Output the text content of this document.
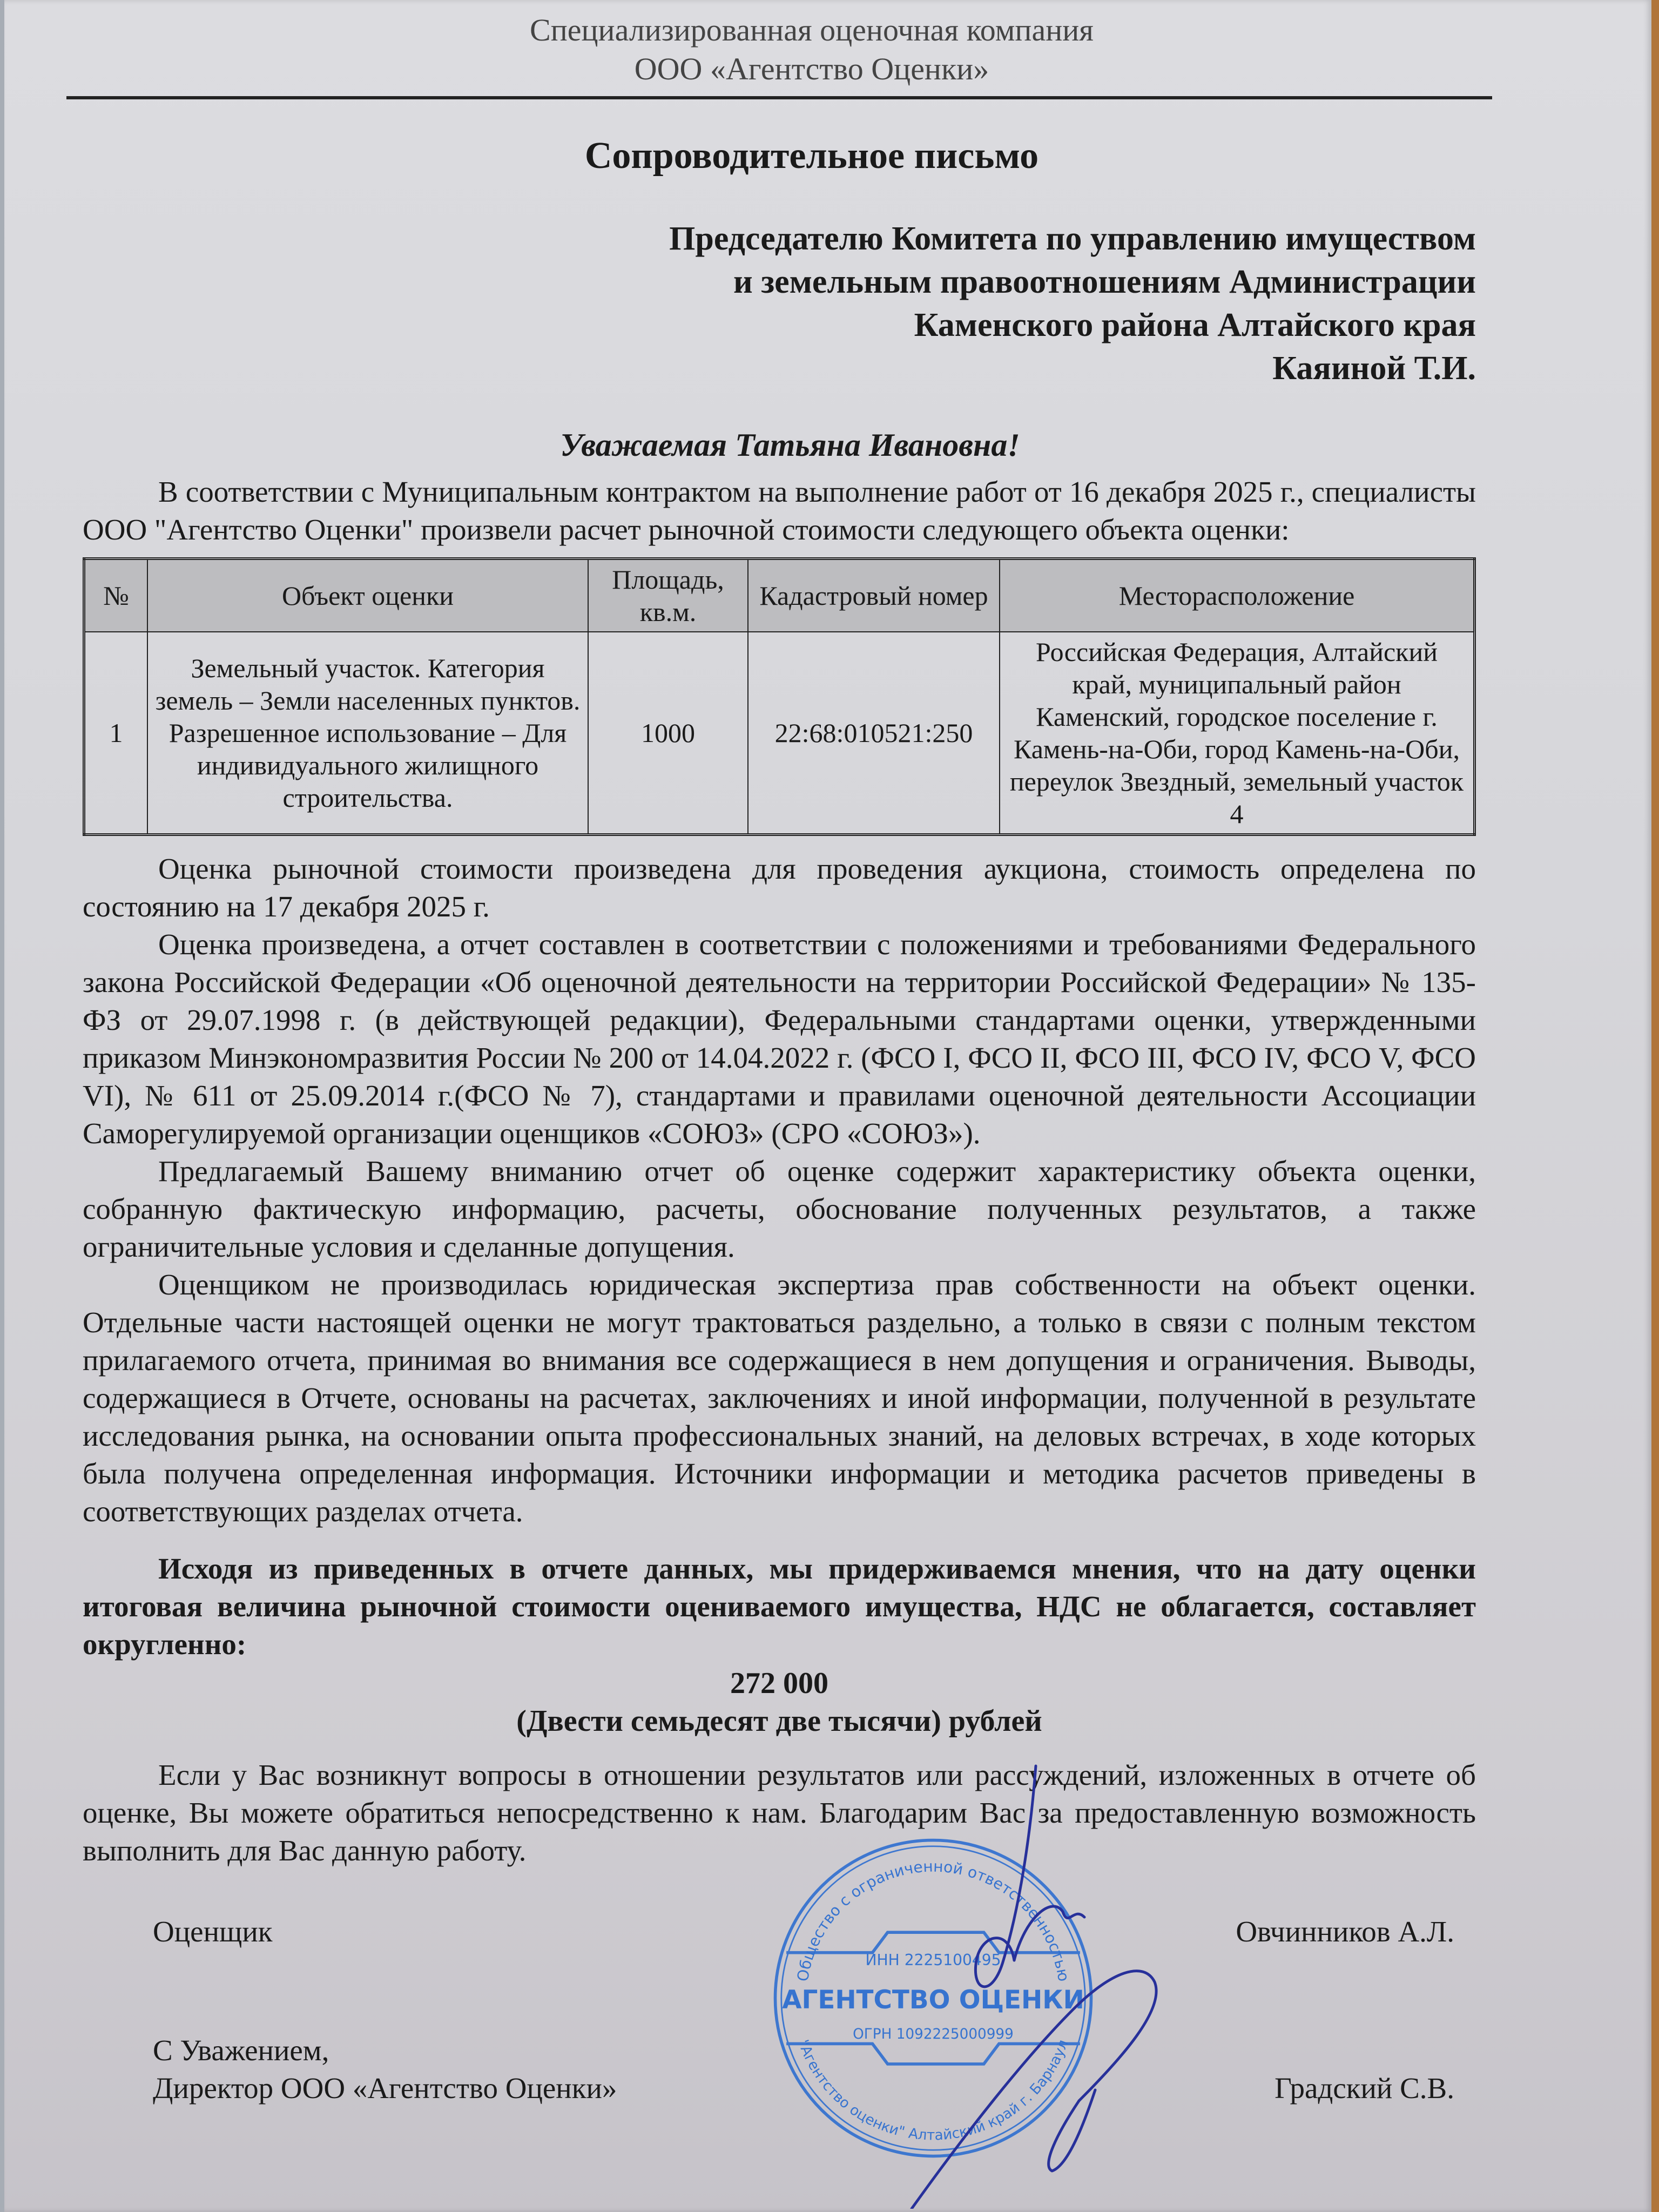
Специализированная оценочная компания
ООО «Агентство Оценки»
Сопроводительное письмо
Председателю Комитета по управлению имуществом
и земельным правоотношениям Администрации
Каменского района Алтайского края
Каяиной Т.И.
Уважаемая Татьяна Ивановна!
В соответствии с Муниципальным контрактом на выполнение работ от 16 декабря 2025 г., специалисты ООО "Агентство Оценки" произвели расчет рыночной стоимости следующего объекта оценки:
№	Объект оценки	Площадь, кв.м.	Кадастровый номер	Месторасположение
1	Земельный участок. Категория земель – Земли населенных пунктов. Разрешенное использование – Для индивидуального жилищного строительства.	1000	22:68:010521:250	Российская Федерация, Алтайский край, муниципальный район Каменский, городское поселение г. Камень-на-Оби, город Камень-на-Оби, переулок Звездный, земельный участок 4
Оценка рыночной стоимости произведена для проведения аукциона, стоимость определена по состоянию на 17 декабря 2025 г.
Оценка произведена, а отчет составлен в соответствии с положениями и требованиями Федерального закона Российской Федерации «Об оценочной деятельности на территории Российской Федерации» № 135-ФЗ от 29.07.1998 г. (в действующей редакции), Федеральными стандартами оценки, утвержденными приказом Минэкономразвития России № 200 от 14.04.2022 г. (ФСО I, ФСО II, ФСО III, ФСО IV, ФСО V, ФСО VI), № 611 от 25.09.2014 г.(ФСО № 7), стандартами и правилами оценочной деятельности Ассоциации Саморегулируемой организации оценщиков «СОЮЗ» (СРО «СОЮЗ»).
Предлагаемый Вашему вниманию отчет об оценке содержит характеристику объекта оценки, собранную фактическую информацию, расчеты, обоснование полученных результатов, а также ограничительные условия и сделанные допущения.
Оценщиком не производилась юридическая экспертиза прав собственности на объект оценки. Отдельные части настоящей оценки не могут трактоваться раздельно, а только в связи с полным текстом прилагаемого отчета, принимая во внимания все содержащиеся в нем допущения и ограничения. Выводы, содержащиеся в Отчете, основаны на расчетах, заключениях и иной информации, полученной в результате исследования рынка, на основании опыта профессиональных знаний, на деловых встречах, в ходе которых была получена определенная информация. Источники информации и методика расчетов приведены в соответствующих разделах отчета.
Исходя из приведенных в отчете данных, мы придерживаемся мнения, что на дату оценки итоговая величина рыночной стоимости оцениваемого имущества, НДС не облагается, составляет округленно:
272 000
(Двести семьдесят две тысячи) рублей
Если у Вас возникнут вопросы в отношении результатов или рассуждений, изложенных в отчете об оценке, Вы можете обратиться непосредственно к нам. Благодарим Вас за предоставленную возможность выполнить для Вас данную работу.
Оценщик	Овчинников А.Л.
С Уважением,
Директор ООО «Агентство Оценки»	Градский С.В.
Общество с ограниченной ответственностью
ИНН 2225100495
АГЕНТСТВО ОЦЕНКИ
ОГРН 1092225000999
"Агентство оценки" Алтайский край г. Барнаул
